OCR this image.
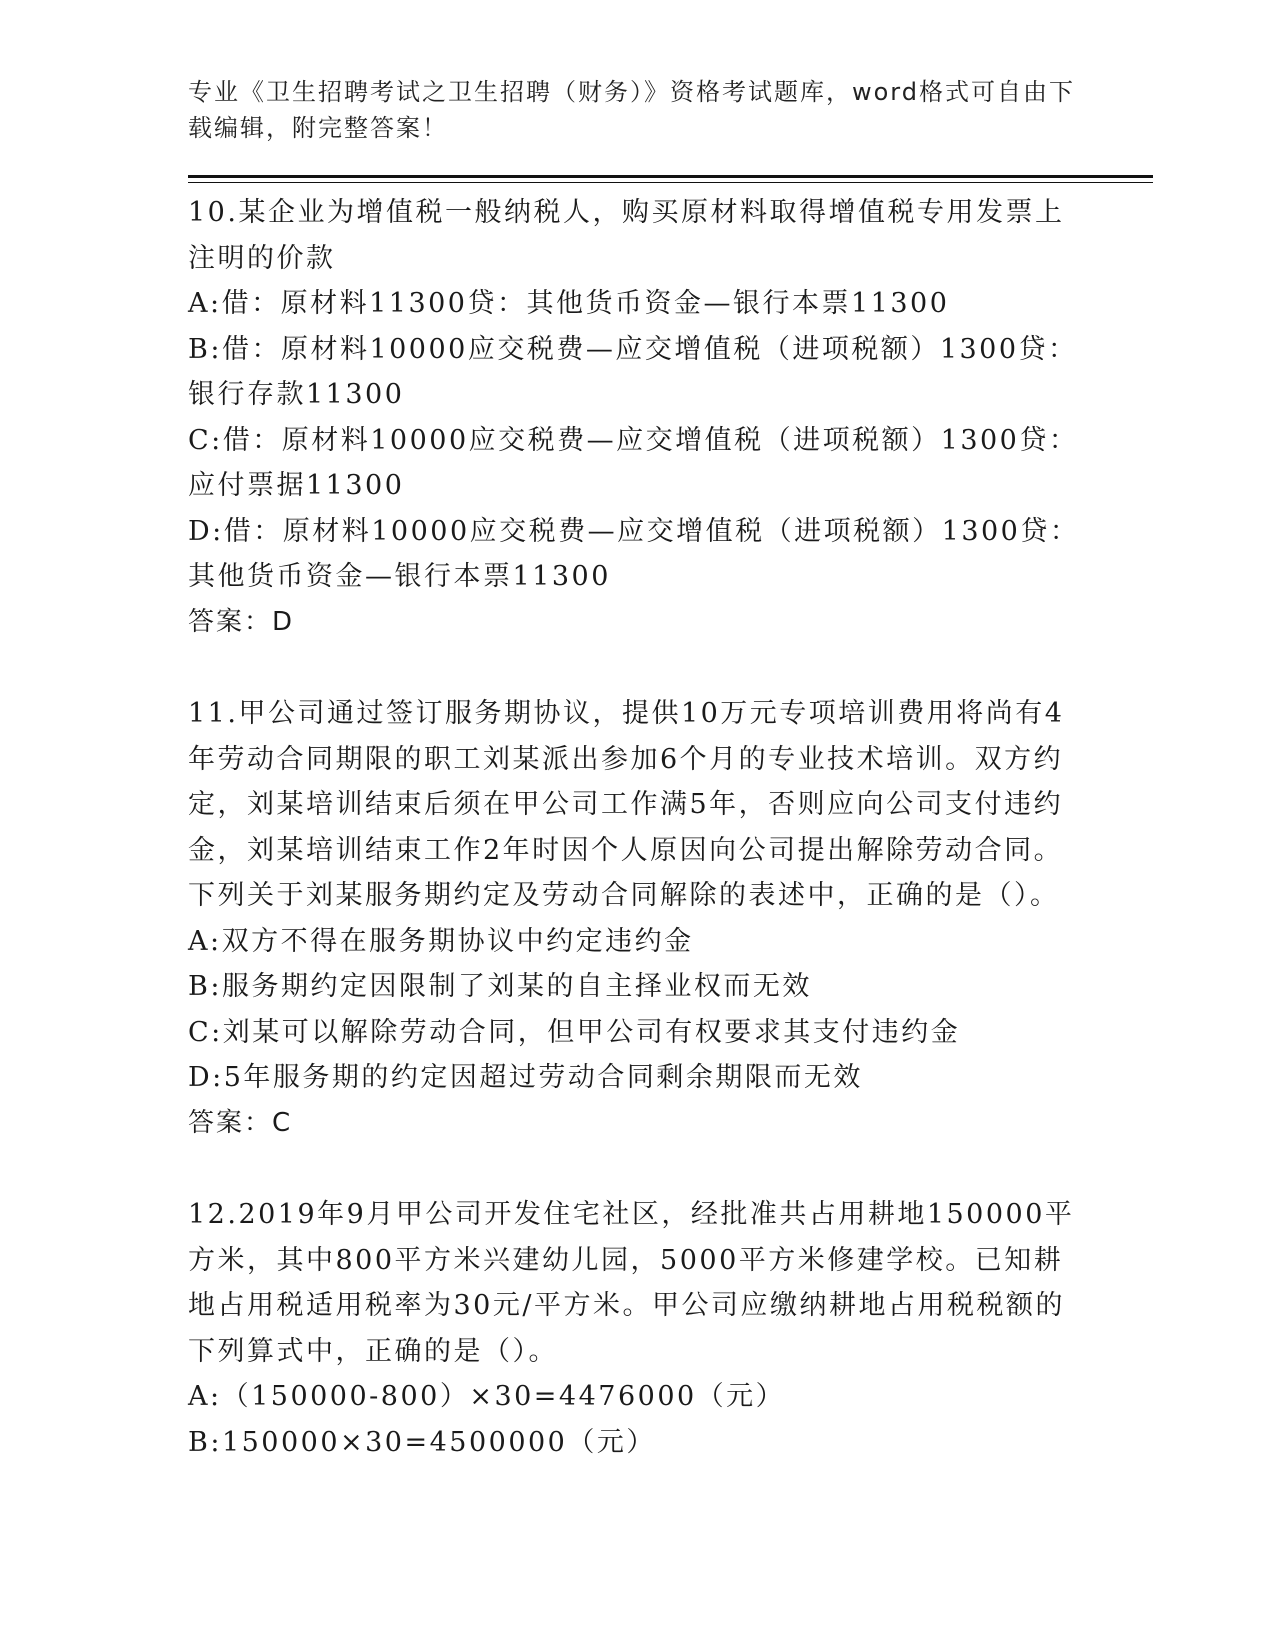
专业《卫生招聘考试之卫生招聘（财务）》资格考试题库，word格式可自由下载编辑，附完整答案！

10.某企业为增值税一般纳税人，购买原材料取得增值税专用发票上注明的价款

A:借：原材料11300贷：其他货币资金—银行本票11300

B:借：原材料10000应交税费—应交增值税（进项税额）1300贷：银行存款11300

C:借：原材料10000应交税费—应交增值税（进项税额）1300贷：应付票据11300

D:借：原材料10000应交税费—应交增值税（进项税额）1300贷：其他货币资金—银行本票11300

答案：D

11.甲公司通过签订服务期协议，提供10万元专项培训费用将尚有4年劳动合同期限的职工刘某派出参加6个月的专业技术培训。双方约定，刘某培训结束后须在甲公司工作满5年，否则应向公司支付违约金，刘某培训结束工作2年时因个人原因向公司提出解除劳动合同。下列关于刘某服务期约定及劳动合同解除的表述中，正确的是（）。

A:双方不得在服务期协议中约定违约金

B:服务期约定因限制了刘某的自主择业权而无效

C:刘某可以解除劳动合同，但甲公司有权要求其支付违约金

D:5年服务期的约定因超过劳动合同剩余期限而无效

答案：C

12.2019年9月甲公司开发住宅社区，经批准共占用耕地150000平方米，其中800平方米兴建幼儿园，5000平方米修建学校。已知耕地占用税适用税率为30元/平方米。甲公司应缴纳耕地占用税税额的下列算式中，正确的是（）。

A:（150000-800）×30=4476000（元）

B:150000×30=4500000（元）
